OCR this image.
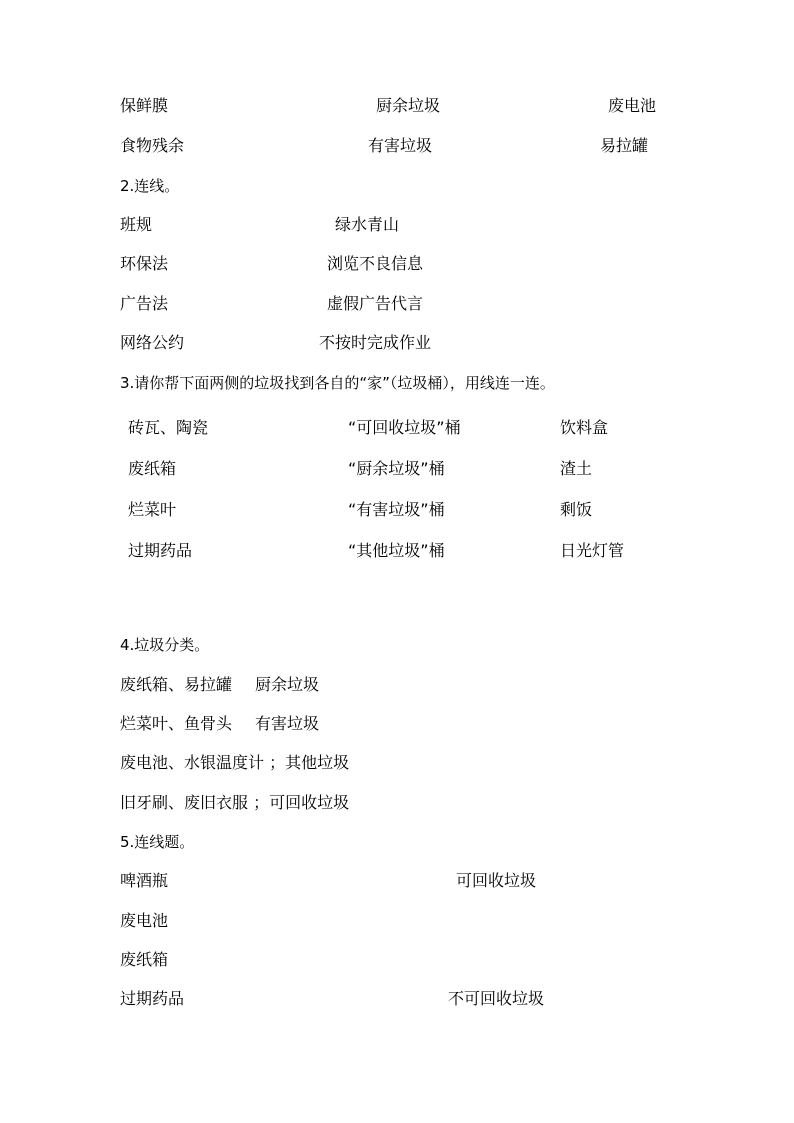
保鲜膜	厨余垃圾	废电池
食物残余	有害垃圾	易拉罐
2.连线。
班规	绿水青山
环保法	浏览不良信息
广告法	虚假广告代言
网络公约	不按时完成作业
3.请你帮下面两侧的垃圾找到各自的“家”（垃圾桶），用线连一连。
砖瓦、陶瓷	“可回收垃圾”桶	饮料盒
废纸箱	“厨余垃圾”桶	渣土
烂菜叶	“有害垃圾”桶	剩饭
过期药品	“其他垃圾”桶	日光灯管
4.垃圾分类。
废纸箱、易拉罐 厨余垃圾
烂菜叶、鱼骨头 有害垃圾
废电池、水银温度计 ；其他垃圾
旧牙刷、废旧衣服 ；可回收垃圾
5.连线题。
啤酒瓶	可回收垃圾
废电池
废纸箱
过期药品	不可回收垃圾
